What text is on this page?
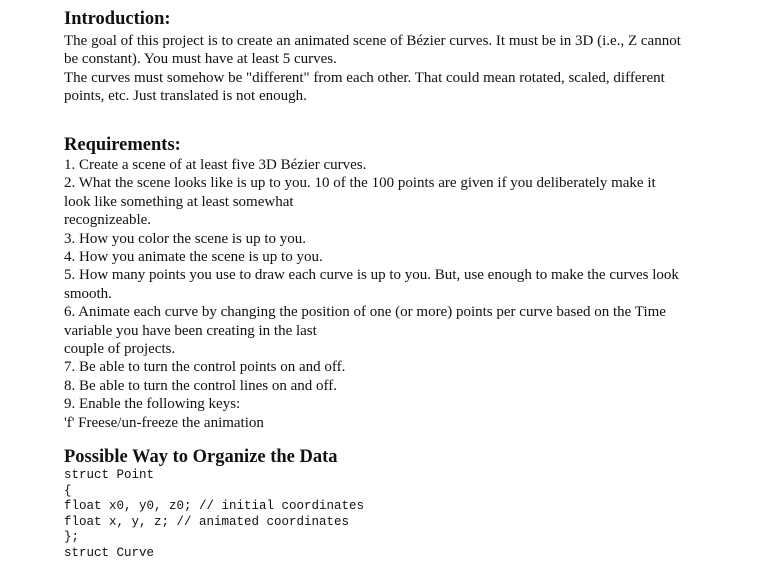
Introduction:
The goal of this project is to create an animated scene of Bézier curves. It must be in 3D (i.e., Z cannot
be constant). You must have at least 5 curves.
The curves must somehow be "different" from each other. That could mean rotated, scaled, different
points, etc. Just translated is not enough.
Requirements:
1. Create a scene of at least five 3D Bézier curves.
2. What the scene looks like is up to you. 10 of the 100 points are given if you deliberately make it
look like something at least somewhat
recognizeable.
3. How you color the scene is up to you.
4. How you animate the scene is up to you.
5. How many points you use to draw each curve is up to you. But, use enough to make the curves look
smooth.
6. Animate each curve by changing the position of one (or more) points per curve based on the Time
variable you have been creating in the last
couple of projects.
7. Be able to turn the control points on and off.
8. Be able to turn the control lines on and off.
9. Enable the following keys:
'f' Freese/un-freeze the animation
Possible Way to Organize the Data
struct Point
{
float x0, y0, z0; // initial coordinates
float x, y, z; // animated coordinates
};
struct Curve
